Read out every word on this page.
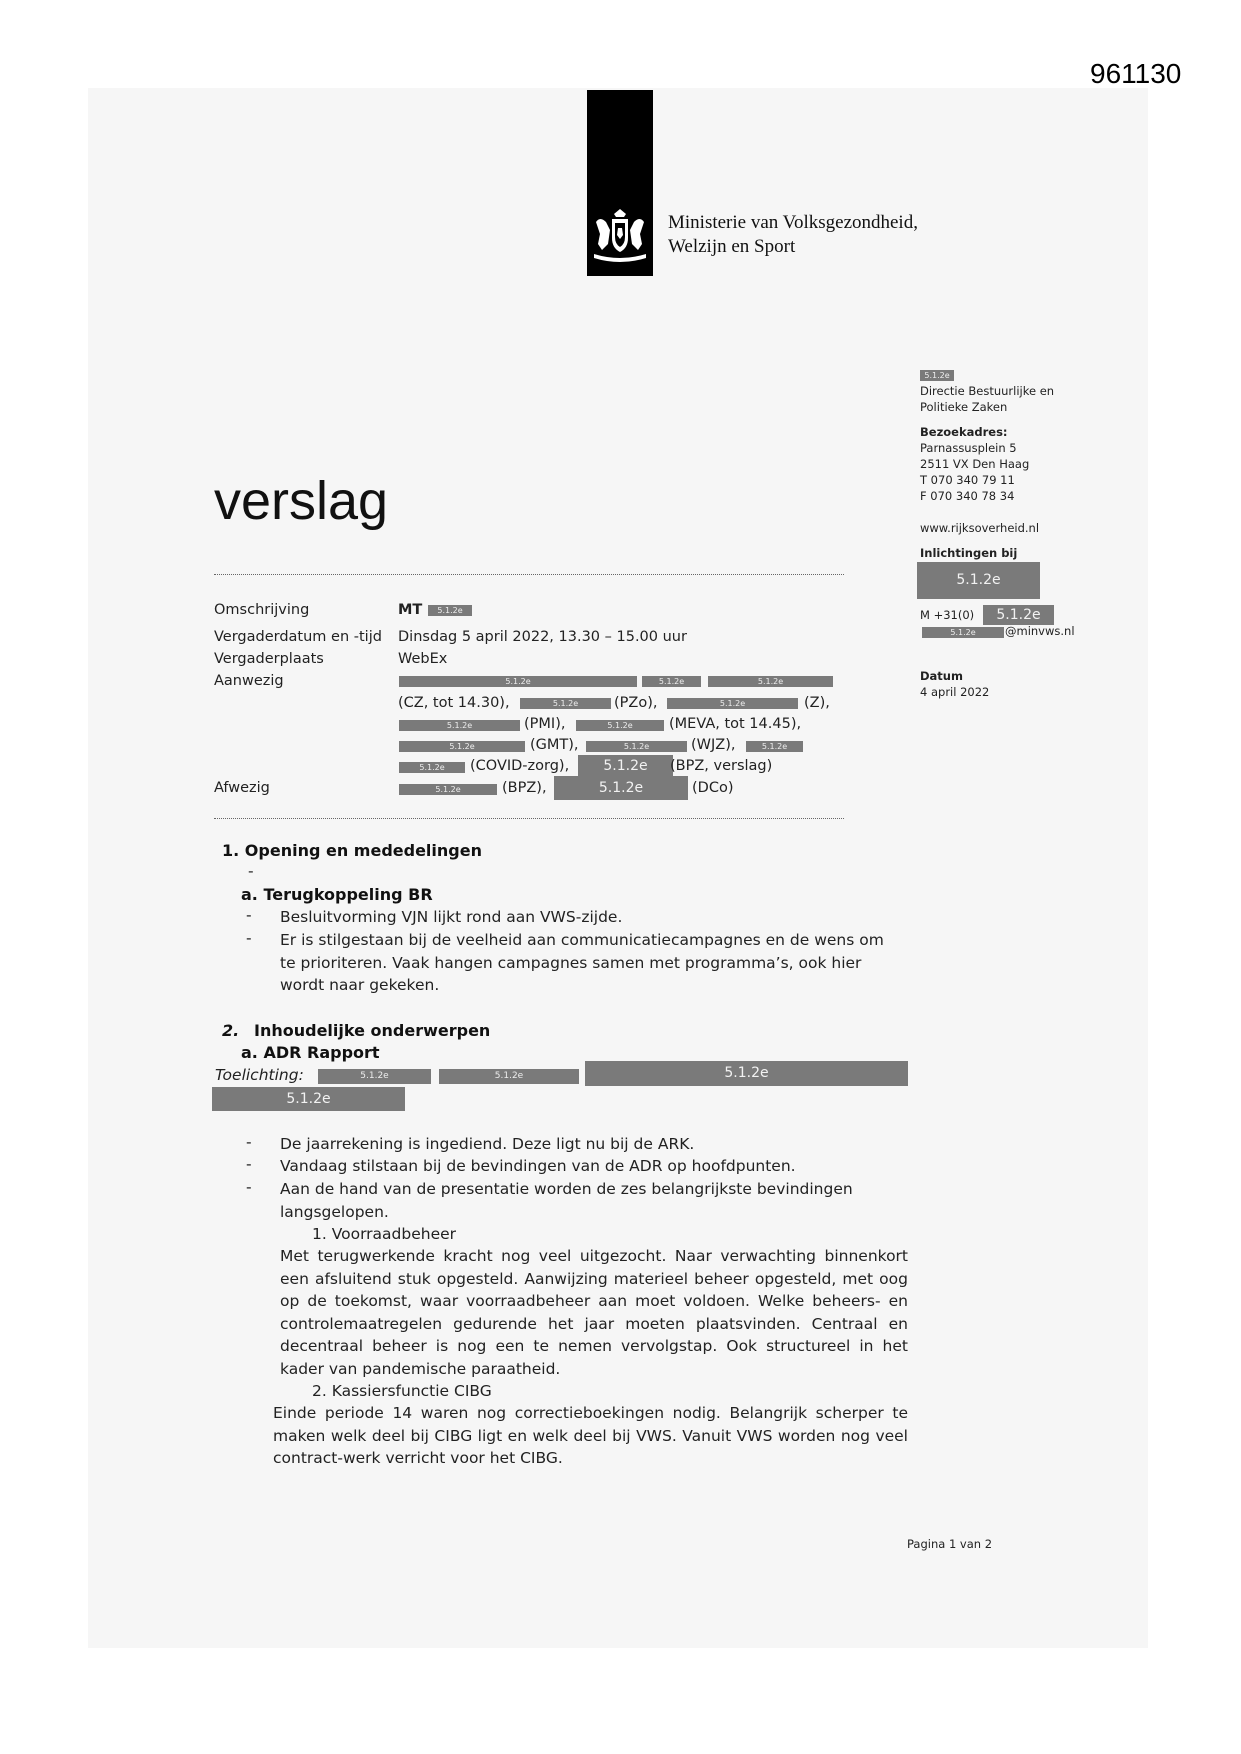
961130
Ministerie van Volksgezondheid,
Welzijn en Sport
verslag
5.1.2e
Directie Bestuurlijke en
Politieke Zaken
Bezoekadres:
Parnassusplein 5
2511 VX Den Haag
T 070 340 79 11
F 070 340 78 34
www.rijksoverheid.nl
Inlichtingen bij
5.1.2e
M +31(0)	5.1.2e
5.1.2e	@minvws.nl
Datum
4 april 2022
Omschrijving	MT	5.1.2e
Vergaderdatum en -tijd Dinsdag 5 april 2022, 13.30 – 15.00 uur
Vergaderplaats	WebEx
Aanwezig	5.1.2e	5.1.2e	5.1.2e
(CZ, tot 14.30),	5.1.2e	(PZo),	5.1.2e	(Z),
5.1.2e	(PMI),	5.1.2e	(MEVA, tot 14.45),
5.1.2e	(GMT),	5.1.2e	(WJZ),	5.1.2e
5.1.2e	(COVID-zorg),	5.1.2e	(BPZ, verslag)
Afwezig	5.1.2e	(BPZ),	5.1.2e	(DCo)
1. Opening en mededelingen
-
a. Terugkoppeling BR
- Besluitvorming VJN lijkt rond aan VWS-zijde.
- Er is stilgestaan bij de veelheid aan communicatiecampagnes en de wens om
te prioriteren. Vaak hangen campagnes samen met programma’s, ook hier
wordt naar gekeken.
2. Inhoudelijke onderwerpen
a. ADR Rapport
Toelichting:	5.1.2e	5.1.2e	5.1.2e
5.1.2e
- De jaarrekening is ingediend. Deze ligt nu bij de ARK.
- Vandaag stilstaan bij de bevindingen van de ADR op hoofdpunten.
- Aan de hand van de presentatie worden de zes belangrijkste bevindingen
langsgelopen.
1. Voorraadbeheer
Met terugwerkende kracht nog veel uitgezocht. Naar verwachting binnenkort een afsluitend stuk opgesteld. Aanwijzing materieel beheer opgesteld, met oog op de toekomst, waar voorraadbeheer aan moet voldoen. Welke beheers- en controlemaatregelen gedurende het jaar moeten plaatsvinden. Centraal en decentraal beheer is nog een te nemen vervolgstap. Ook structureel in het kader van pandemische paraatheid.
2. Kassiersfunctie CIBG
Einde periode 14 waren nog correctieboekingen nodig. Belangrijk scherper te maken welk deel bij CIBG ligt en welk deel bij VWS. Vanuit VWS worden nog veel contract-werk verricht voor het CIBG.
Pagina 1 van 2
